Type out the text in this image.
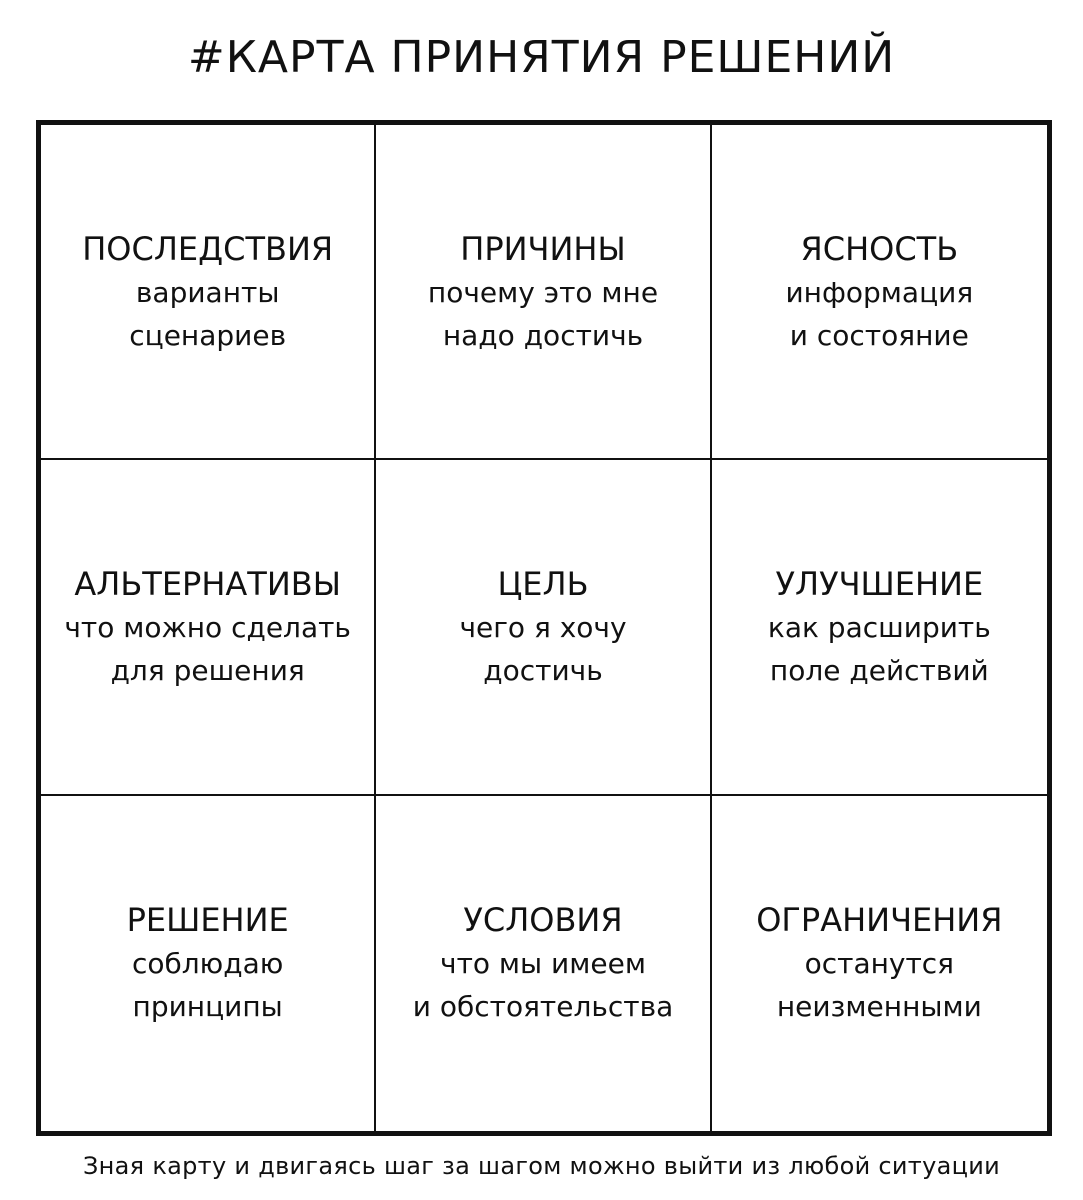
#КАРТА ПРИНЯТИЯ РЕШЕНИЙ
ПОСЛЕДСТВИЯ
варианты
сценариев
ПРИЧИНЫ
почему это мне
надо достичь
ЯСНОСТЬ
информация
и состояние
АЛЬТЕРНАТИВЫ
что можно сделать
для решения
ЦЕЛЬ
чего я хочу
достичь
УЛУЧШЕНИЕ
как расширить
поле действий
РЕШЕНИЕ
соблюдаю
принципы
УСЛОВИЯ
что мы имеем
и обстоятельства
ОГРАНИЧЕНИЯ
останутся
неизменными
Зная карту и двигаясь шаг за шагом можно выйти из любой ситуации
